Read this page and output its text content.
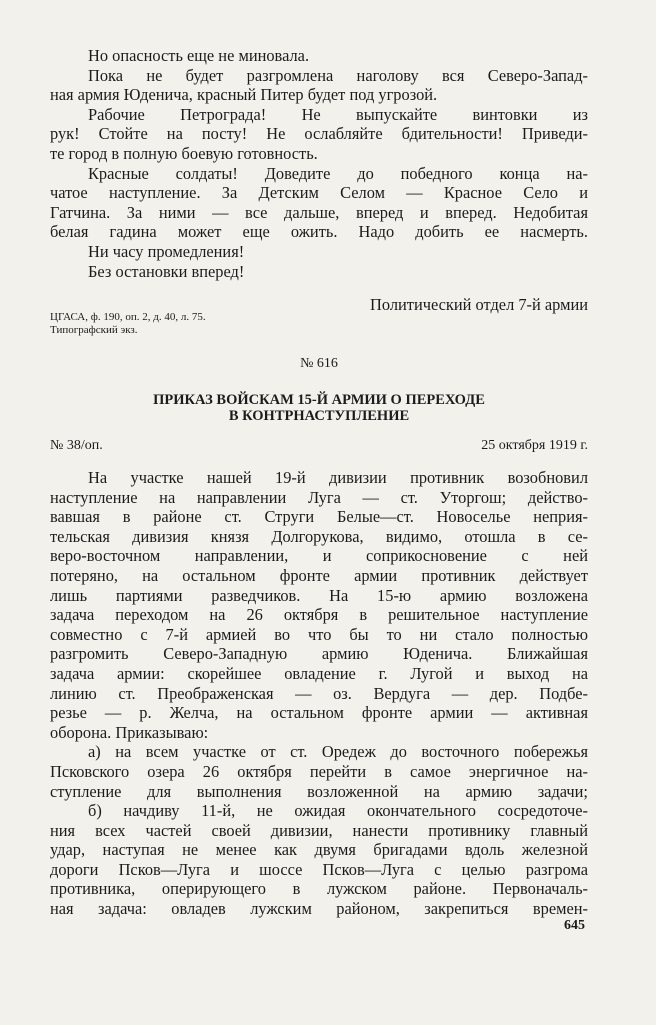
Но опасность еще не миновала.

Пока не будет разгромлена наголову вся Северо-Запад-

ная армия Юденича, красный Питер будет под угрозой.

Рабочие Петрограда! Не выпускайте винтовки из

рук! Стойте на посту! Не ослабляйте бдительности! Приведи-

те город в полную боевую готовность.

Красные солдаты! Доведите до победного конца на-

чатое наступление. За Детским Селом — Красное Село и

Гатчина. За ними — все дальше, вперед и вперед. Недобитая

белая гадина может еще ожить. Надо добить ее насмерть.

Ни часу промедления!

Без остановки вперед!

Политический отдел 7-й армии

ЦГАСА, ф. 190, оп. 2, д. 40, л. 75.

Типографский экз.

№ 616

ПРИКАЗ ВОЙСКАМ 15-Й АРМИИ О ПЕРЕХОДЕ

В КОНТРНАСТУПЛЕНИЕ

№ 38/оп.	25 октября 1919 г.

На участке нашей 19-й дивизии противник возобновил

наступление на направлении Луга — ст. Уторгош; действо-

вавшая в районе ст. Струги Белые—ст. Новоселье неприя-

тельская дивизия князя Долгорукова, видимо, отошла в се-

веро-восточном направлении, и соприкосновение с ней

потеряно, на остальном фронте армии противник действует

лишь партиями разведчиков. На 15-ю армию возложена

задача переходом на 26 октября в решительное наступление

совместно с 7-й армией во что бы то ни стало полностью

разгромить Северо-Западную армию Юденича. Ближайшая

задача армии: скорейшее овладение г. Лугой и выход на

линию ст. Преображенская — оз. Вердуга — дер. Подбе-

резье — р. Желча, на остальном фронте армии — активная

оборона. Приказываю:

а) на всем участке от ст. Оредеж до восточного побережья

Псковского озера 26 октября перейти в самое энергичное на-

ступление для выполнения возложенной на армию задачи;

б) начдиву 11-й, не ожидая окончательного сосредоточе-

ния всех частей своей дивизии, нанести противнику главный

удар, наступая не менее как двумя бригадами вдоль железной

дороги Псков—Луга и шоссе Псков—Луга с целью разгрома

противника, оперирующего в лужском районе. Первоначаль-

ная задача: овладев лужским районом, закрепиться времен-

645
